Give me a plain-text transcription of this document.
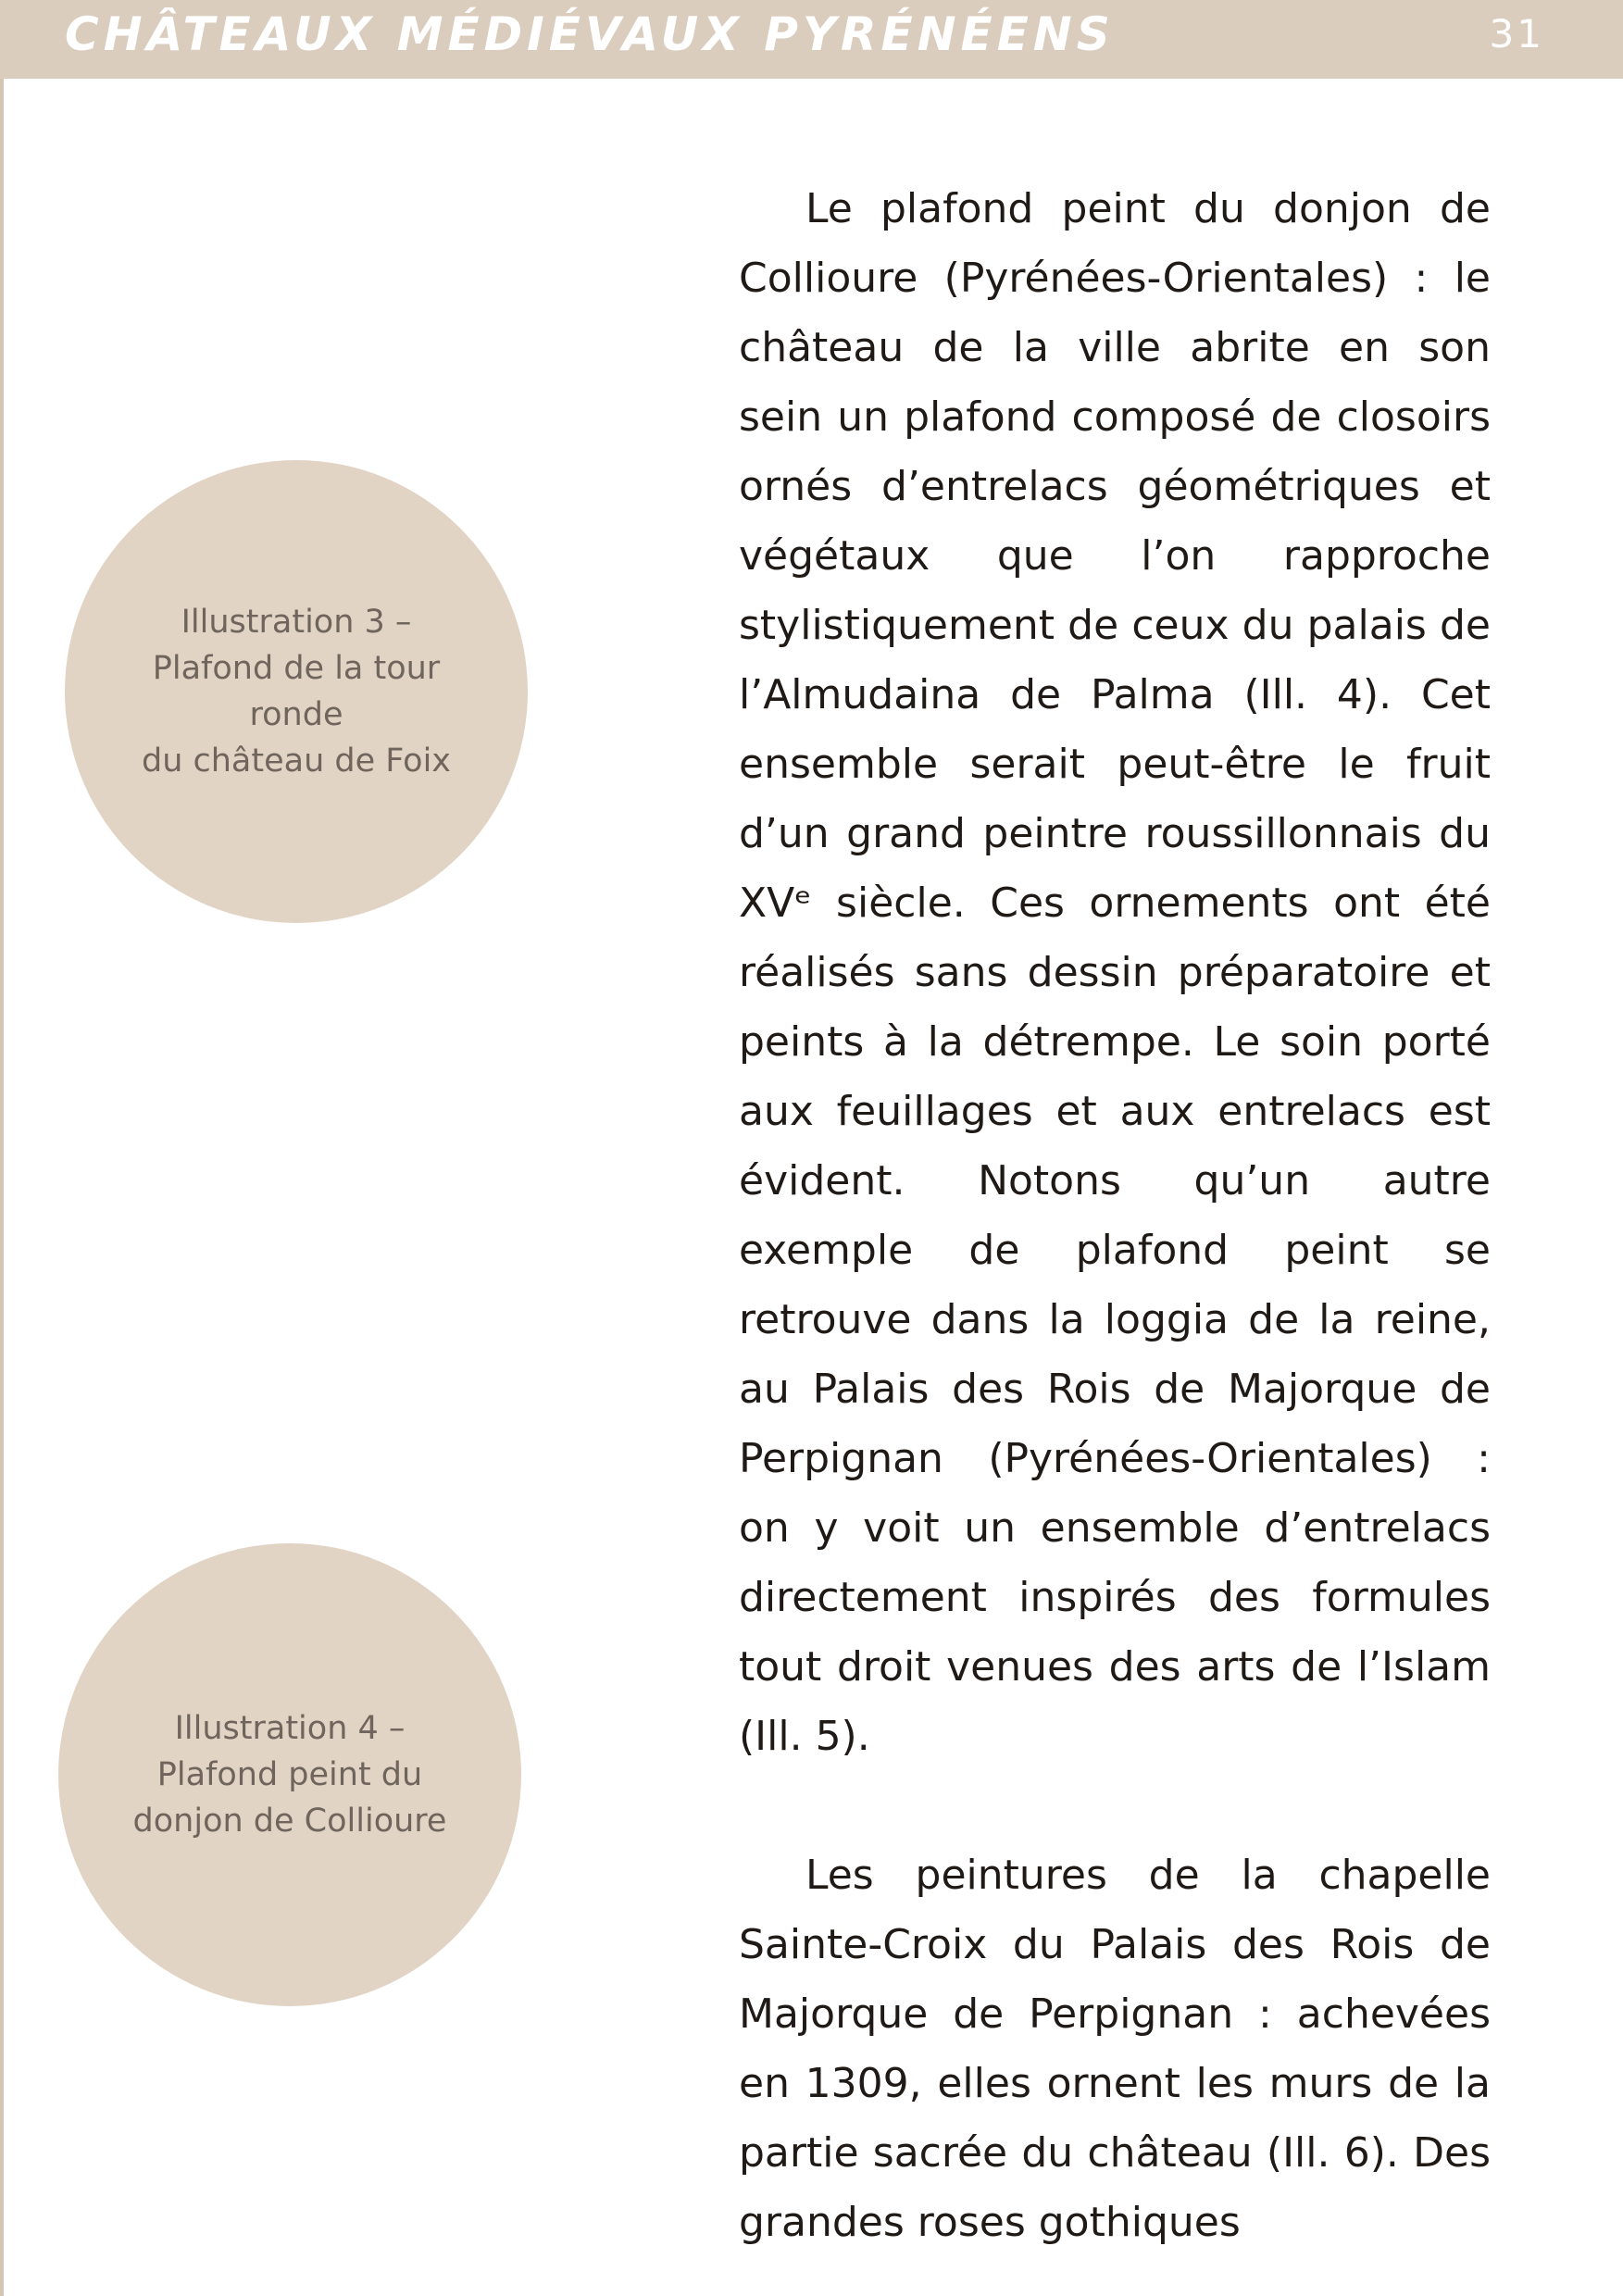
CHÂTEAUX MÉDIÉVAUX PYRÉNÉENS	31
Illustration 3 –
Plafond de la tour ronde
du château de Foix
Illustration 4 –
Plafond peint du
donjon de Collioure

Le plafond peint du donjon de Collioure (Pyrénées-Orientales) : le château de la ville abrite en son sein un plafond composé de closoirs ornés d’entrelacs géométriques et végétaux que l’on rapproche stylistiquement de ceux du palais de l’Almudaina de Palma (Ill. 4). Cet ensemble serait peut-être le fruit d’un grand peintre roussillonnais du XVᵉ siècle. Ces ornements ont été réalisés sans dessin préparatoire et peints à la détrempe. Le soin porté aux feuillages et aux entrelacs est évident. Notons qu’un autre exemple de plafond peint se retrouve dans la loggia de la reine, au Palais des Rois de Majorque de Perpignan (Pyrénées-Orientales) : on y voit un ensemble d’entrelacs directement inspirés des formules tout droit venues des arts de l’Islam (Ill. 5).

Les peintures de la chapelle Sainte-Croix du Palais des Rois de Majorque de Perpignan : achevées en 1309, elles ornent les murs de la partie sacrée du château (Ill. 6). Des grandes roses gothiques
